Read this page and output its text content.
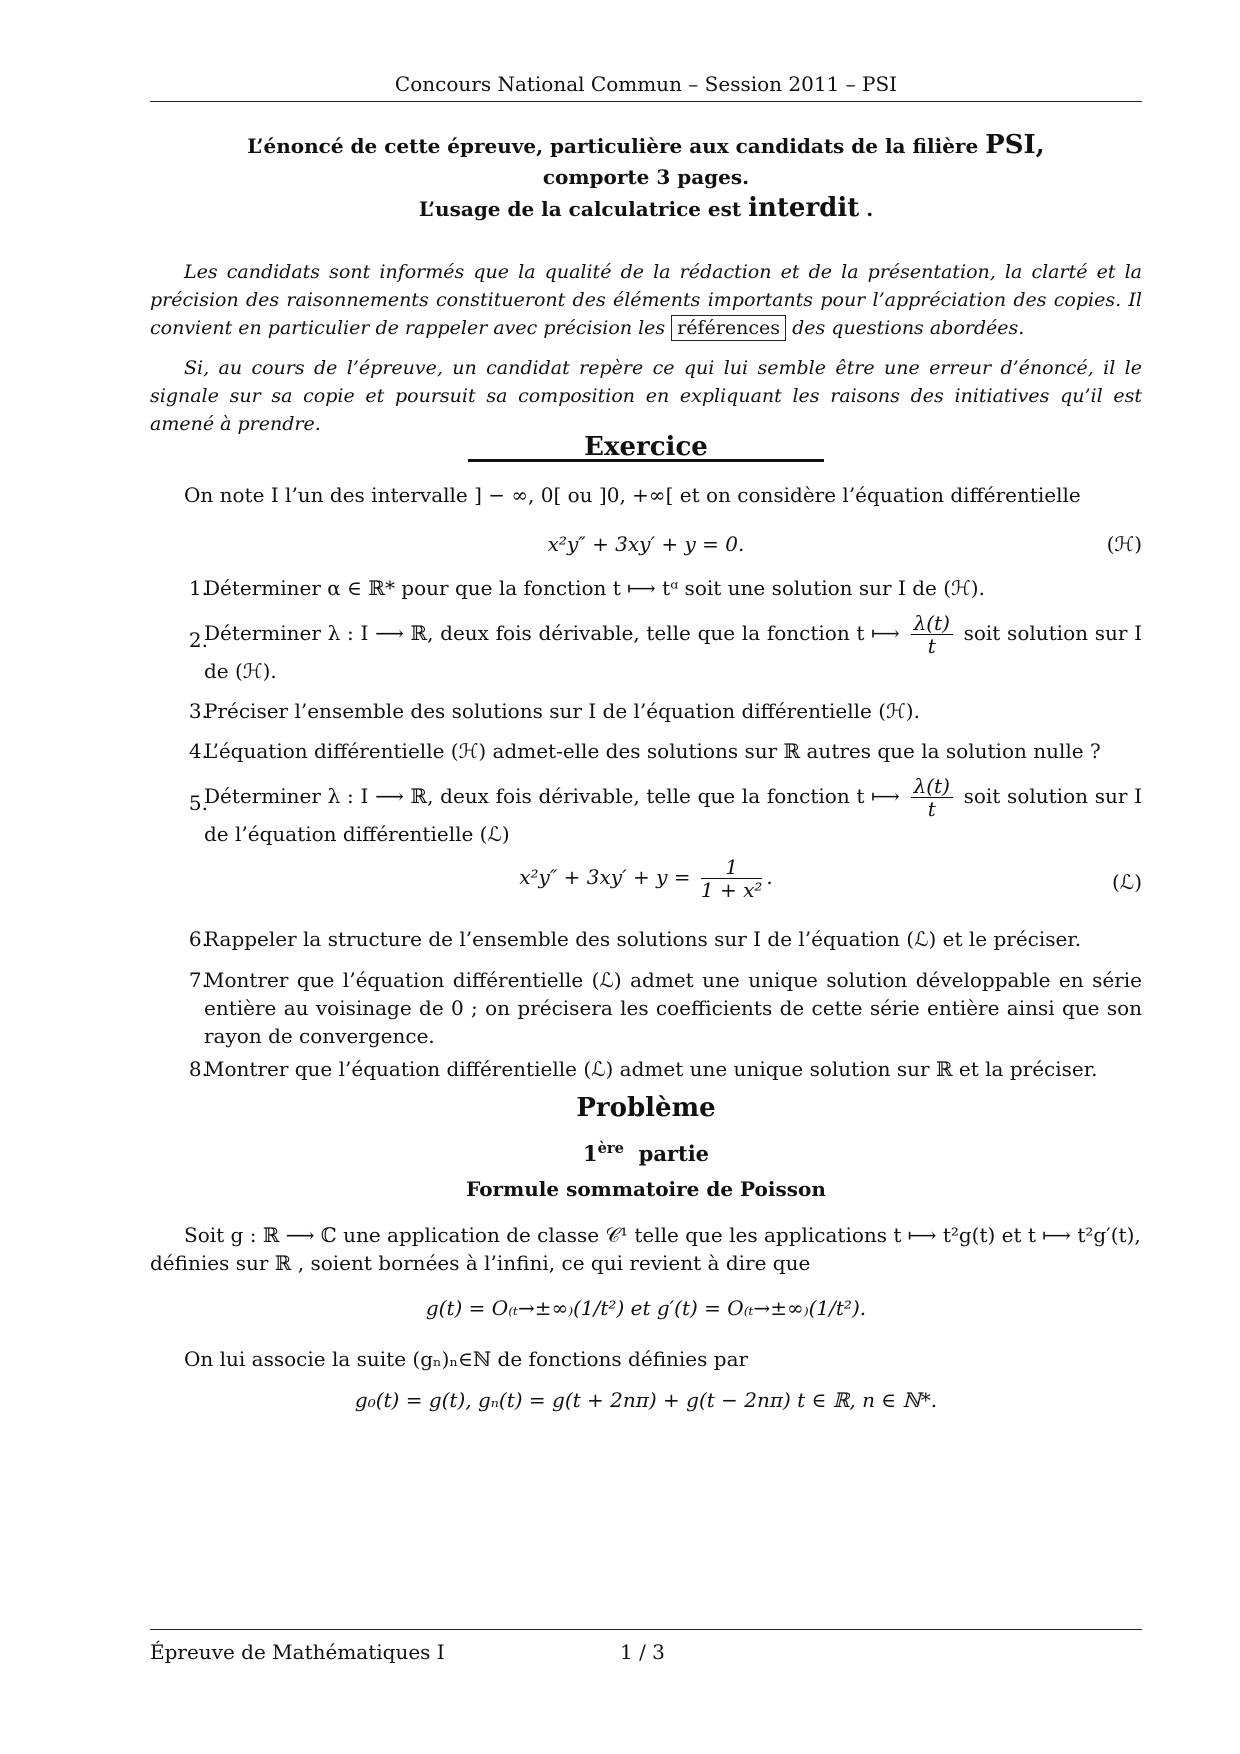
Concours National Commun – Session 2011 – PSI
L’énoncé de cette épreuve, particulière aux candidats de la filière PSI,
comporte 3 pages.
L’usage de la calculatrice est interdit .

Les candidats sont informés que la qualité de la rédaction et de la présentation, la clarté et la précision des raisonnements constitueront des éléments importants pour l’appréciation des copies. Il convient en particulier de rappeler avec précision les références des questions abordées.

Si, au cours de l’épreuve, un candidat repère ce qui lui semble être une erreur d’énoncé, il le signale sur sa copie et poursuit sa composition en expliquant les raisons des initiatives qu’il est amené à prendre.

Exercice

On note I l’un des intervalle ] − ∞, 0[ ou ]0, +∞[ et on considère l’équation différentielle

x²y″ + 3xy′ + y = 0.	(ℋ)
1.
Déterminer α ∈ ℝ* pour que la fonction t ⟼ tᵅ soit une solution sur I de (ℋ).
2.
Déterminer λ : I ⟶ ℝ, deux fois dérivable, telle que la fonction t ⟼ $\frac{\lambda(t)}{t}$ soit solution sur I de (ℋ).
3.
Préciser l’ensemble des solutions sur I de l’équation différentielle (ℋ).
4.
L’équation différentielle (ℋ) admet-elle des solutions sur ℝ autres que la solution nulle ?
5.
Déterminer λ : I ⟶ ℝ, deux fois dérivable, telle que la fonction t ⟼ $\frac{\lambda(t)}{t}$ soit solution sur I de l’équation différentielle (ℒ)
$x^2y'' + 3xy' + y = \frac{1}{\text{1 + x²}}$ .	(ℒ)
6.
Rappeler la structure de l’ensemble des solutions sur I de l’équation (ℒ) et le préciser.
7.
Montrer que l’équation différentielle (ℒ) admet une unique solution développable en série entière au voisinage de 0 ; on précisera les coefficients de cette série entière ainsi que son rayon de convergence.
8.
Montrer que l’équation différentielle (ℒ) admet une unique solution sur ℝ et la préciser.
Problème
1ère partie
Formule sommatoire de Poisson

Soit g : ℝ ⟶ ℂ une application de classe 𝒞¹ telle que les applications t ⟼ t²g(t) et t ⟼ t²g′(t), définies sur ℝ , soient bornées à l’infini, ce qui revient à dire que

g(t) = O₍ₜ→±∞₎(1/t²) et g′(t) = O₍ₜ→±∞₎(1/t²).

On lui associe la suite (gₙ)ₙ∈ℕ de fonctions définies par

g₀(t) = g(t), gₙ(t) = g(t + 2nπ) + g(t − 2nπ) t ∈ ℝ, n ∈ ℕ*.
Épreuve de Mathématiques I	1 / 3
